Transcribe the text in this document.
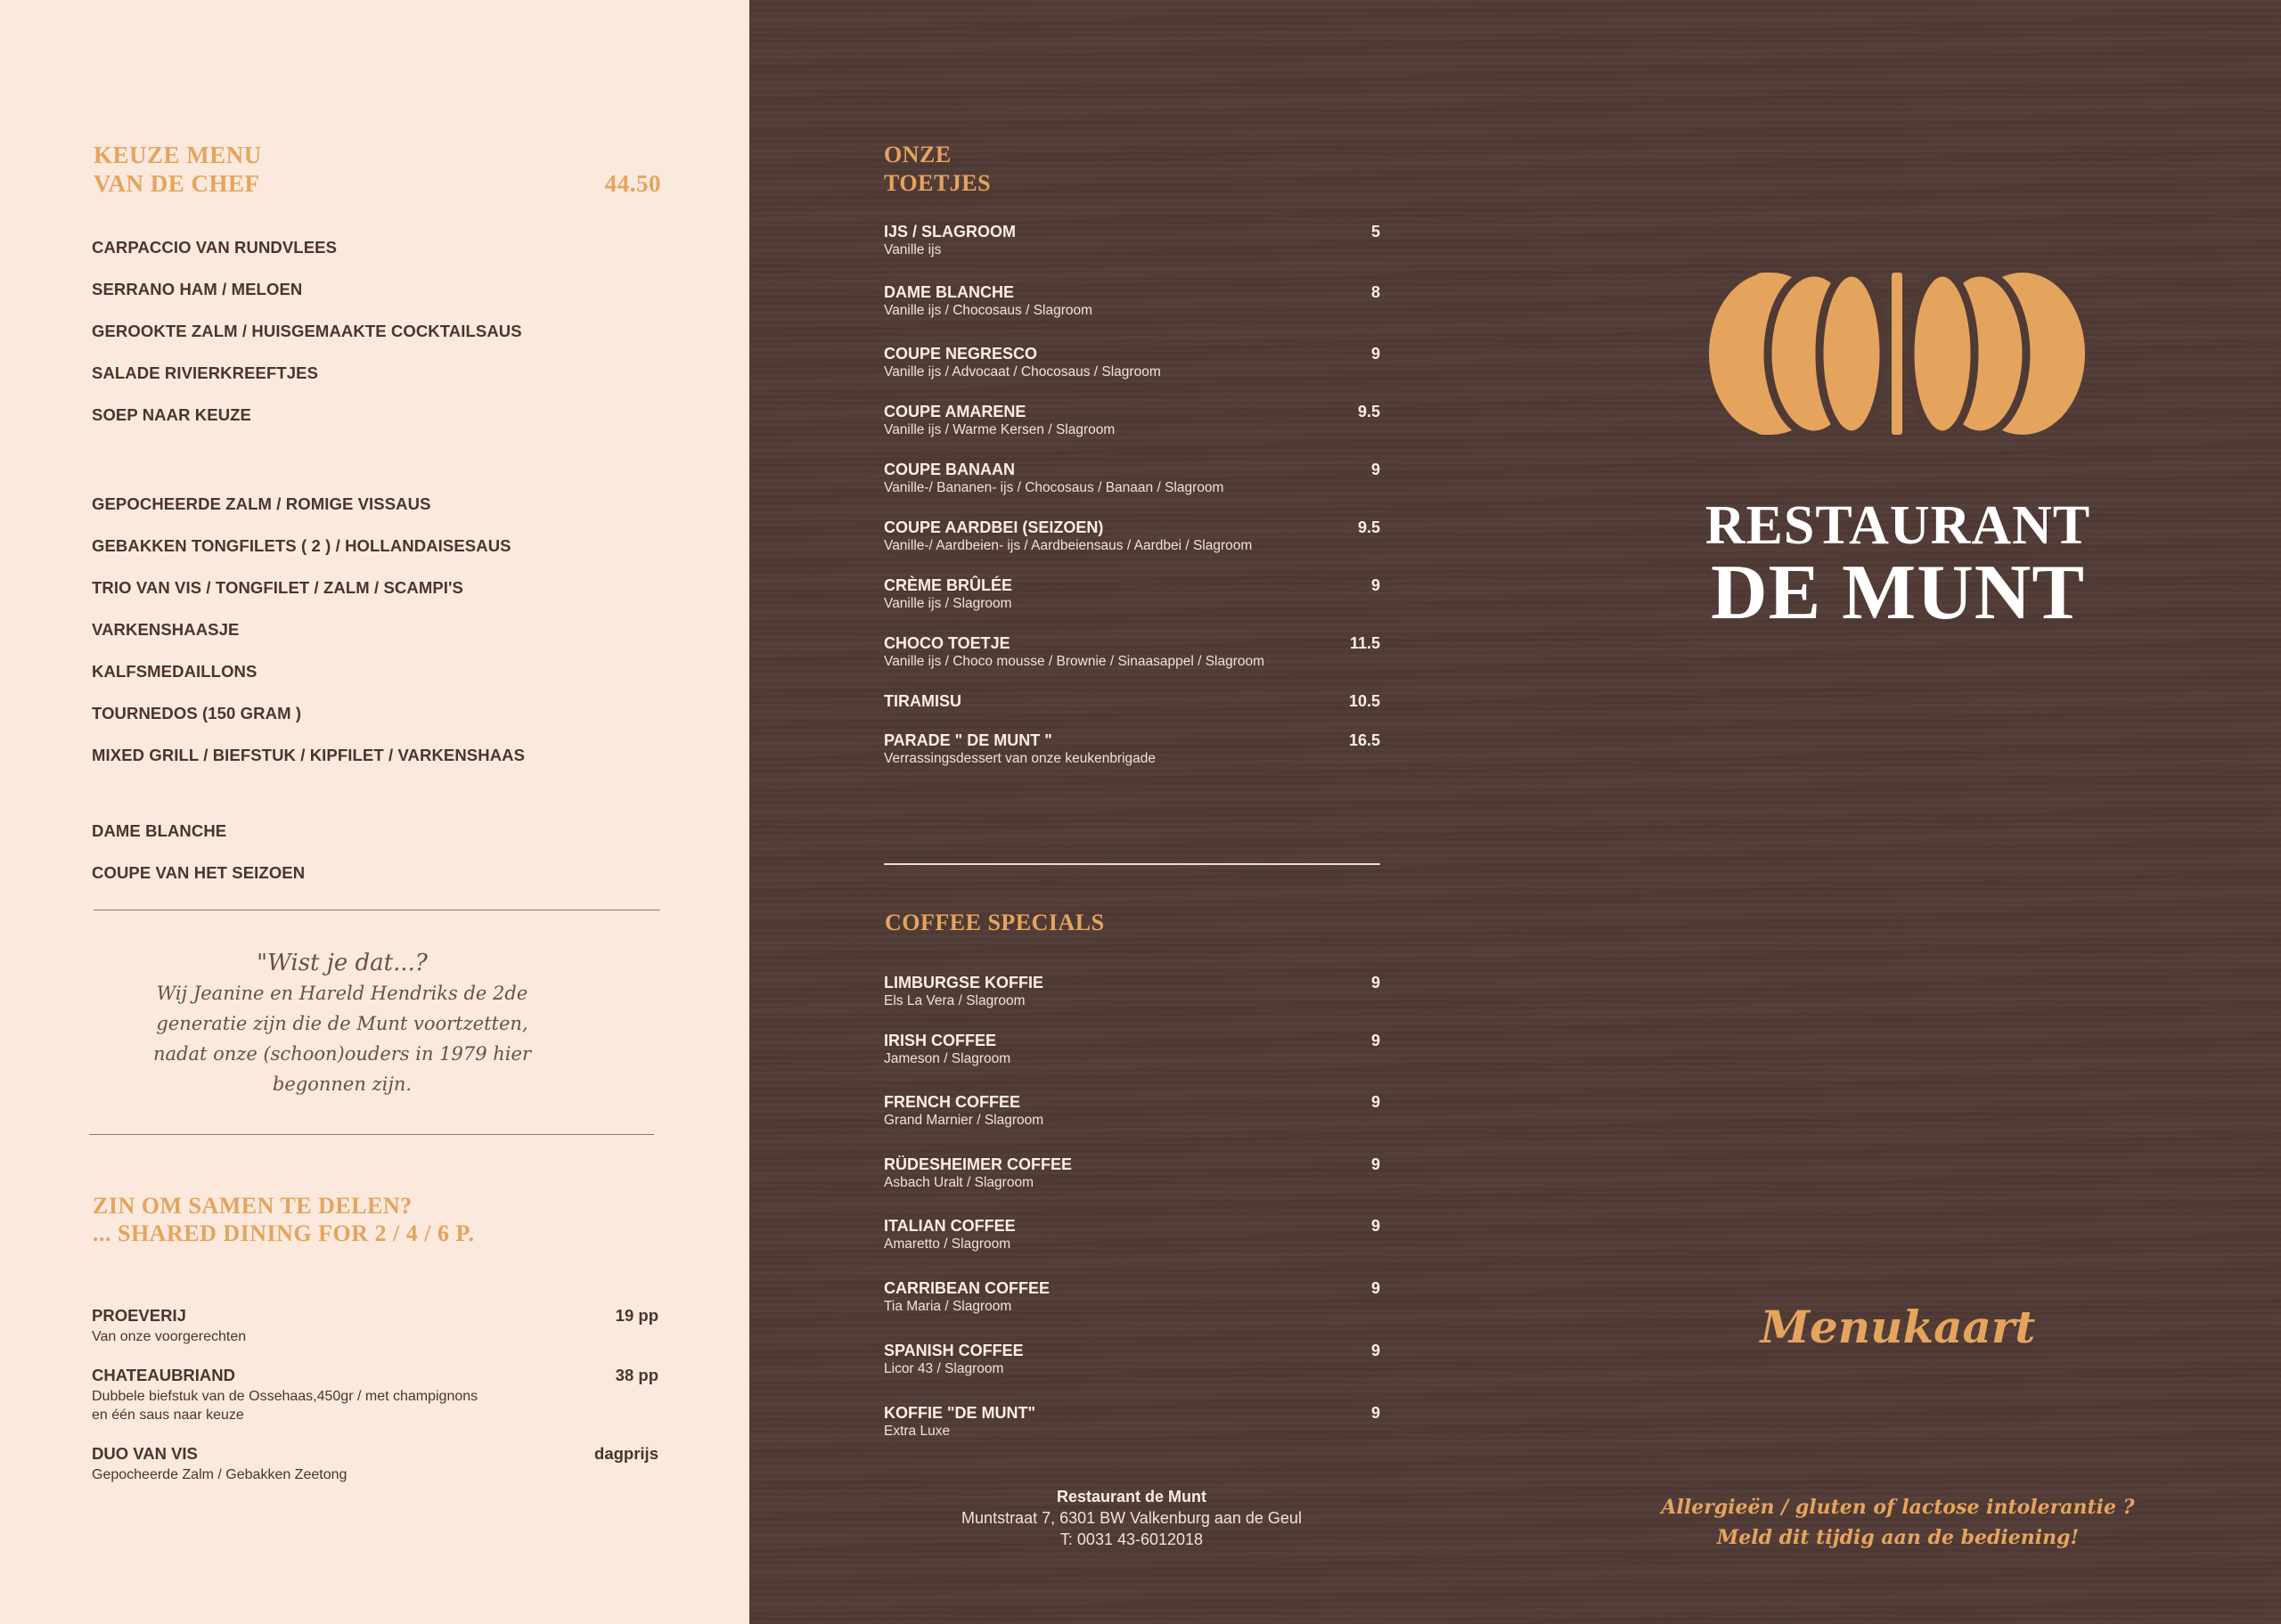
KEUZE MENU
VAN DE CHEF	44.50
CARPACCIO VAN RUNDVLEES
SERRANO HAM / MELOEN
GEROOKTE ZALM / HUISGEMAAKTE COCKTAILSAUS
SALADE RIVIERKREEFTJES
SOEP NAAR KEUZE
GEPOCHEERDE ZALM / ROMIGE VISSAUS
GEBAKKEN TONGFILETS ( 2 ) / HOLLANDAISESAUS
TRIO VAN VIS / TONGFILET / ZALM / SCAMPI'S
VARKENSHAASJE
KALFSMEDAILLONS
TOURNEDOS (150 GRAM )
MIXED GRILL / BIEFSTUK / KIPFILET / VARKENSHAAS
DAME BLANCHE
COUPE VAN HET SEIZOEN
"Wist je dat...?
Wij Jeanine en Hareld Hendriks de 2de
generatie zijn die de Munt voortzetten,
nadat onze (schoon)ouders in 1979 hier
begonnen zijn.
ZIN OM SAMEN TE DELEN?
... SHARED DINING FOR 2 / 4 / 6 P.
PROEVERIJ	19 pp
Van onze voorgerechten
CHATEAUBRIAND	38 pp
Dubbele biefstuk van de Ossehaas,450gr / met champignons
en één saus naar keuze
DUO VAN VIS	dagprijs
Gepocheerde Zalm / Gebakken Zeetong
ONZE
TOETJES
IJS / SLAGROOM	5
Vanille ijs
DAME BLANCHE	8
Vanille ijs / Chocosaus / Slagroom
COUPE NEGRESCO	9
Vanille ijs / Advocaat / Chocosaus / Slagroom
COUPE AMARENE	9.5
Vanille ijs / Warme Kersen / Slagroom
COUPE BANAAN	9
Vanille-/ Bananen- ijs / Chocosaus / Banaan / Slagroom
COUPE AARDBEI (SEIZOEN)	9.5
Vanille-/ Aardbeien- ijs / Aardbeiensaus / Aardbei / Slagroom
CRÈME BRÛLÉE	9
Vanille ijs / Slagroom
CHOCO TOETJE	11.5
Vanille ijs / Choco mousse / Brownie / Sinaasappel / Slagroom
TIRAMISU	10.5
PARADE " DE MUNT "	16.5
Verrassingsdessert van onze keukenbrigade
COFFEE SPECIALS
LIMBURGSE KOFFIE	9
Els La Vera / Slagroom
IRISH COFFEE	9
Jameson / Slagroom
FRENCH COFFEE	9
Grand Marnier / Slagroom
RÜDESHEIMER COFFEE	9
Asbach Uralt / Slagroom
ITALIAN COFFEE	9
Amaretto / Slagroom
CARRIBEAN COFFEE	9
Tia Maria / Slagroom
SPANISH COFFEE	9
Licor 43 / Slagroom
KOFFIE "DE MUNT"	9
Extra Luxe
Restaurant de Munt
Muntstraat 7, 6301 BW Valkenburg aan de Geul
T: 0031 43-6012018
RESTAURANT
DE MUNT
Menukaart
Allergieën / gluten of lactose intolerantie ?
Meld dit tijdig aan de bediening!
